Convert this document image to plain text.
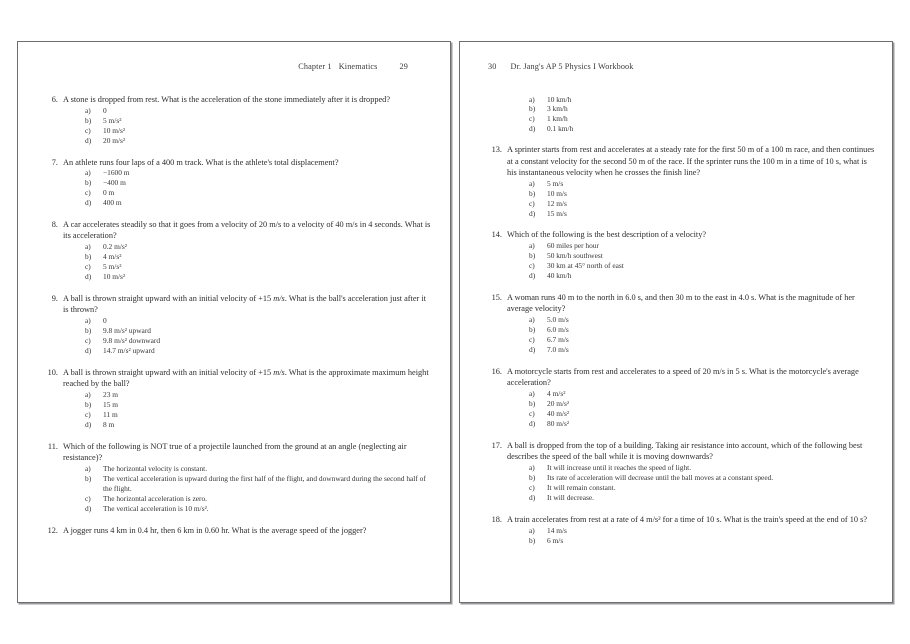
Chapter 1 Kinematics	29
6. A stone is dropped from rest. What is the acceleration of the stone immediately after it is dropped?
a)	0
b)	5 m/s²
c)	10 m/s²
d)	20 m/s²
7. An athlete runs four laps of a 400 m track. What is the athlete's total displacement?
a)	−1600 m
b)	−400 m
c)	0 m
d)	400 m
8. A car accelerates steadily so that it goes from a velocity of 20 m/s to a velocity of 40 m/s in 4 seconds. What is its acceleration?
a)	0.2 m/s²
b)	4 m/s²
c)	5 m/s²
d)	10 m/s²
9. A ball is thrown straight upward with an initial velocity of +15 m/s. What is the ball's acceleration just after it is thrown?
a)	0
b)	9.8 m/s² upward
c)	9.8 m/s² downward
d)	14.7 m/s² upward
10. A ball is thrown straight upward with an initial velocity of +15 m/s. What is the approximate maximum height reached by the ball?
a)	23 m
b)	15 m
c)	11 m
d)	8 m
11. Which of the following is NOT true of a projectile launched from the ground at an angle (neglecting air resistance)?
a)	The horizontal velocity is constant.
b)	The vertical acceleration is upward during the first half of the flight, and downward during the second half of the flight.
c)	The horizontal acceleration is zero.
d)	The vertical acceleration is 10 m/s².
12. A jogger runs 4 km in 0.4 hr, then 6 km in 0.60 hr. What is the average speed of the jogger?
30 Dr. Jang's AP 5 Physics I Workbook
a)	10 km/h
b)	3 km/h
c)	1 km/h
d)	0.1 km/h
13. A sprinter starts from rest and accelerates at a steady rate for the first 50 m of a 100 m race, and then continues at a constant velocity for the second 50 m of the race. If the sprinter runs the 100 m in a time of 10 s, what is his instantaneous velocity when he crosses the finish line?
a)	5 m/s
b)	10 m/s
c)	12 m/s
d)	15 m/s
14. Which of the following is the best description of a velocity?
a)	60 miles per hour
b)	50 km/h southwest
c)	30 km at 45° north of east
d)	40 km/h
15. A woman runs 40 m to the north in 6.0 s, and then 30 m to the east in 4.0 s. What is the magnitude of her average velocity?
a)	5.0 m/s
b)	6.0 m/s
c)	6.7 m/s
d)	7.0 m/s
16. A motorcycle starts from rest and accelerates to a speed of 20 m/s in 5 s. What is the motorcycle's average acceleration?
a)	4 m/s²
b)	20 m/s²
c)	40 m/s²
d)	80 m/s²
17. A ball is dropped from the top of a building. Taking air resistance into account, which of the following best describes the speed of the ball while it is moving downwards?
a)	It will increase until it reaches the speed of light.
b)	Its rate of acceleration will decrease until the ball moves at a constant speed.
c)	It will remain constant.
d)	It will decrease.
18. A train accelerates from rest at a rate of 4 m/s² for a time of 10 s. What is the train's speed at the end of 10 s?
a)	14 m/s
b)	6 m/s
